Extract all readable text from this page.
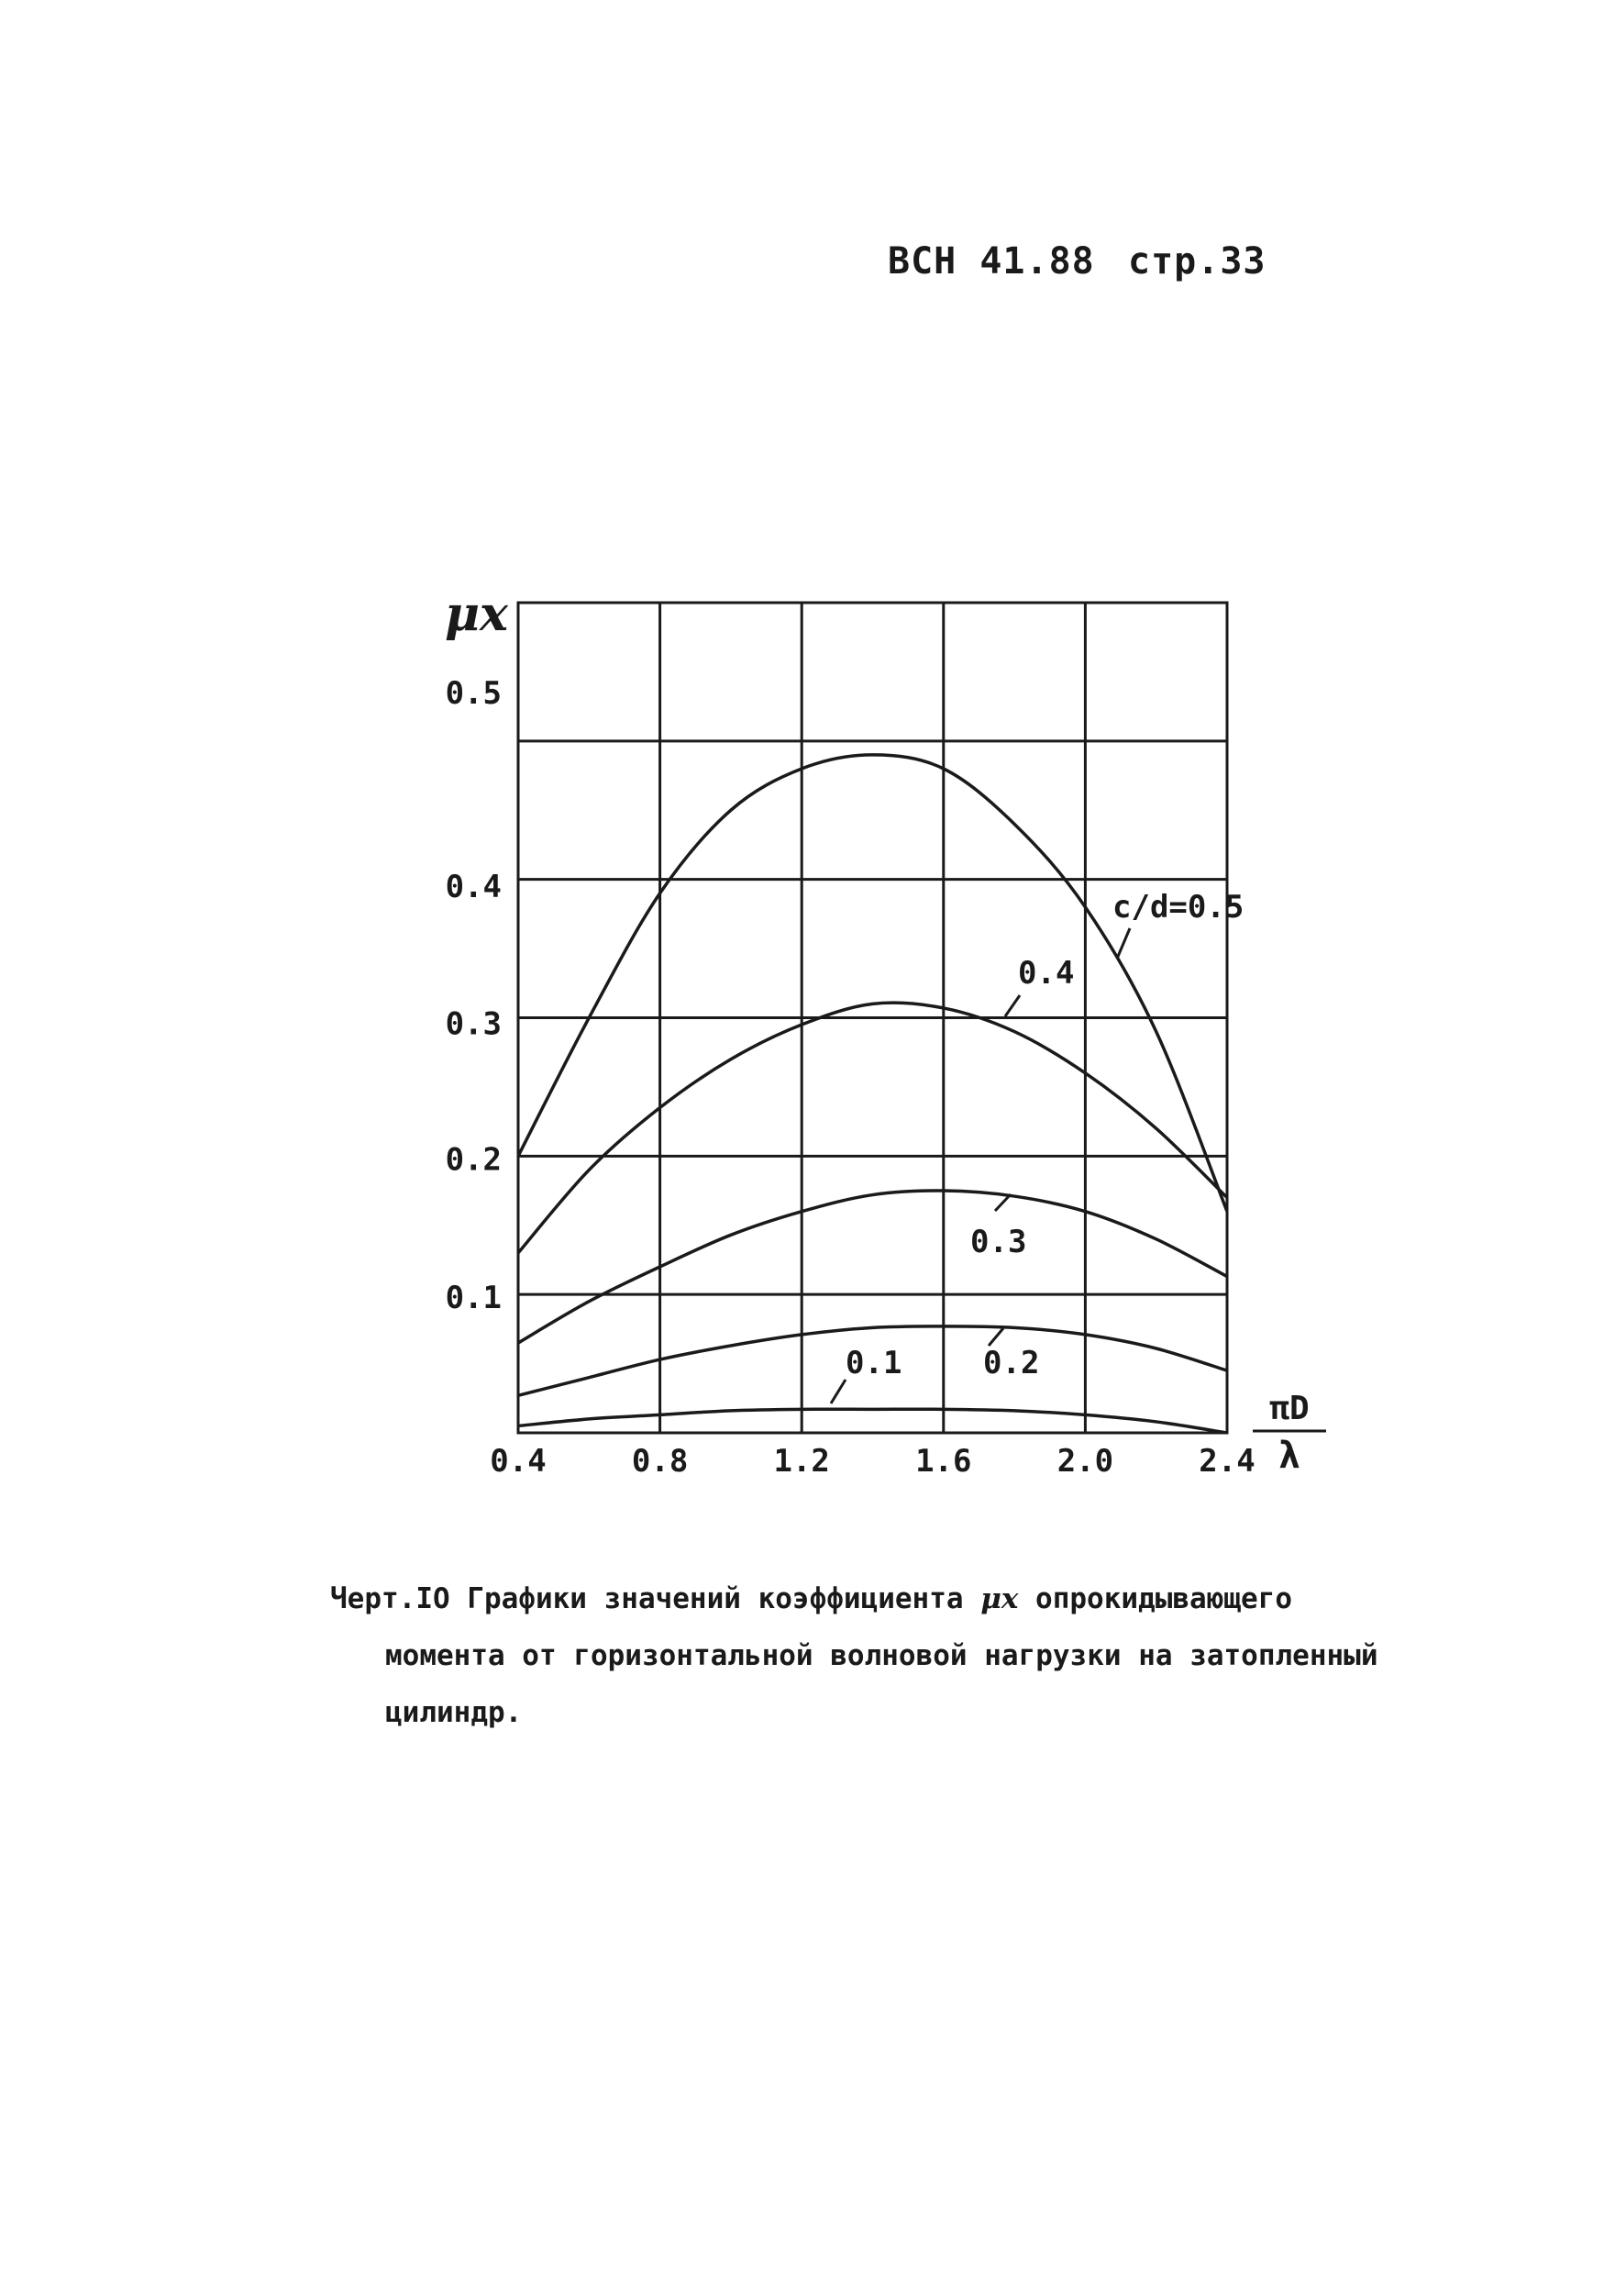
ВСН 41.88 стр.33
0.4	0.8	1.2	1.6	2.0	2.4
0.1
0.2
0.3
0.4
0.5
μх
πD
λ
c/d=0.5
0.4
0.3
0.2
0.1
Черт.IO Графики значений коэффициента μх опрокидывающего
момента от горизонтальной волновой нагрузки на затопленный
цилиндр.
